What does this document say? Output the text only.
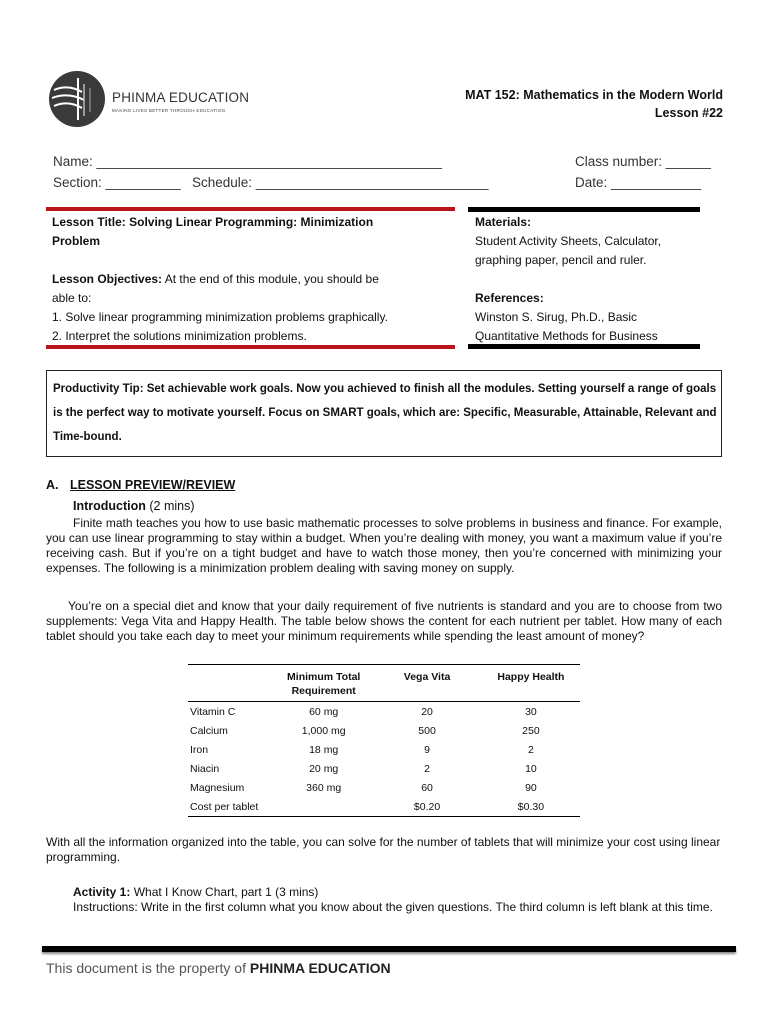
PHINMA EDUCATION
MAKING LIVES BETTER THROUGH EDUCATION
MAT 152: Mathematics in the Modern World
Lesson #22
Name: ______________________________________________	Class number: ______
Section: __________ Schedule: _______________________________	Date: ____________
Lesson Title: Solving Linear Programming: Minimization
Problem
Lesson Objectives: At the end of this module, you should be
able to:
1. Solve linear programming minimization problems graphically.
2. Interpret the solutions minimization problems.
Materials:
Student Activity Sheets, Calculator,
graphing paper, pencil and ruler.
References:
Winston S. Sirug, Ph.D., Basic
Quantitative Methods for Business

Productivity Tip: Set achievable work goals. Now you achieved to finish all the modules. Setting yourself a range of goals is the perfect way to motivate yourself. Focus on SMART goals, which are: Specific, Measurable, Attainable, Relevant and Time-bound.

A. LESSON PREVIEW/REVIEW
Introduction (2 mins)
Finite math teaches you how to use basic mathematic processes to solve problems in business and finance. For example, you can use linear programming to stay within a budget. When you’re dealing with money, you want a maximum value if you’re receiving cash. But if you’re on a tight budget and have to watch those money, then you’re concerned with minimizing your expenses. The following is a minimization problem dealing with saving money on supply.
You’re on a special diet and know that your daily requirement of five nutrients is standard and you are to choose from two supplements: Vega Vita and Happy Health. The table below shows the content for each nutrient per tablet. How many of each tablet should you take each day to meet your minimum requirements while spending the least amount of money?
	Minimum Total Requirement	Vega Vita	Happy Health
Vitamin C	60 mg	20	30
Calcium	1,000 mg	500	250
Iron	18 mg	9	2
Niacin	20 mg	2	10
Magnesium	360 mg	60	90
Cost per tablet		$0.20	$0.30
With all the information organized into the table, you can solve for the number of tablets that will minimize your cost using linear programming.
Activity 1: What I Know Chart, part 1 (3 mins)
Instructions: Write in the first column what you know about the given questions. The third column is left blank at this time.
This document is the property of PHINMA EDUCATION
